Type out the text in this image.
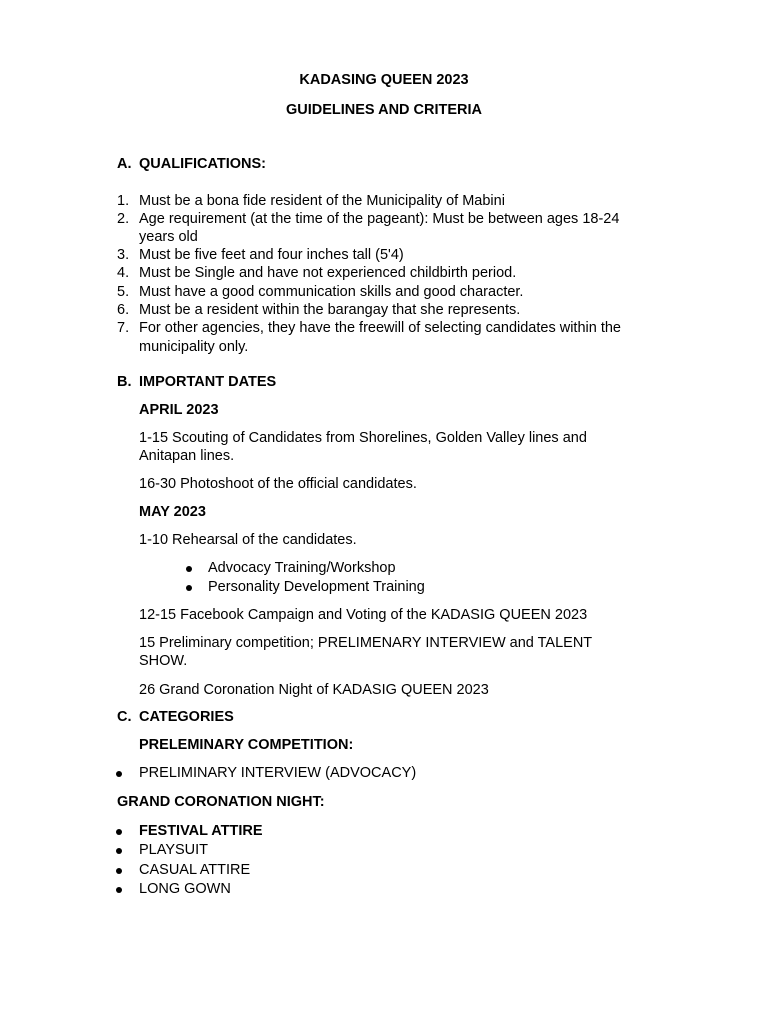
KADASING QUEEN 2023
GUIDELINES AND CRITERIA
A. QUALIFICATIONS:
1. Must be a bona fide resident of the Municipality of Mabini
2. Age requirement (at the time of the pageant): Must be between ages 18-24
years old
3. Must be five feet and four inches tall (5'4)
4. Must be Single and have not experienced childbirth period.
5. Must have a good communication skills and good character.
6. Must be a resident within the barangay that she represents.
7. For other agencies, they have the freewill of selecting candidates within the
municipality only.
B. IMPORTANT DATES
APRIL 2023
1-15 Scouting of Candidates from Shorelines, Golden Valley lines and
Anitapan lines.
16-30 Photoshoot of the official candidates.
MAY 2023
1-10 Rehearsal of the candidates.
Advocacy Training/Workshop
Personality Development Training
12-15 Facebook Campaign and Voting of the KADASIG QUEEN 2023
15 Preliminary competition; PRELIMENARY INTERVIEW and TALENT
SHOW.
26 Grand Coronation Night of KADASIG QUEEN 2023
C. CATEGORIES
PRELEMINARY COMPETITION:
PRELIMINARY INTERVIEW (ADVOCACY)
GRAND CORONATION NIGHT:
FESTIVAL ATTIRE
PLAYSUIT
CASUAL ATTIRE
LONG GOWN
